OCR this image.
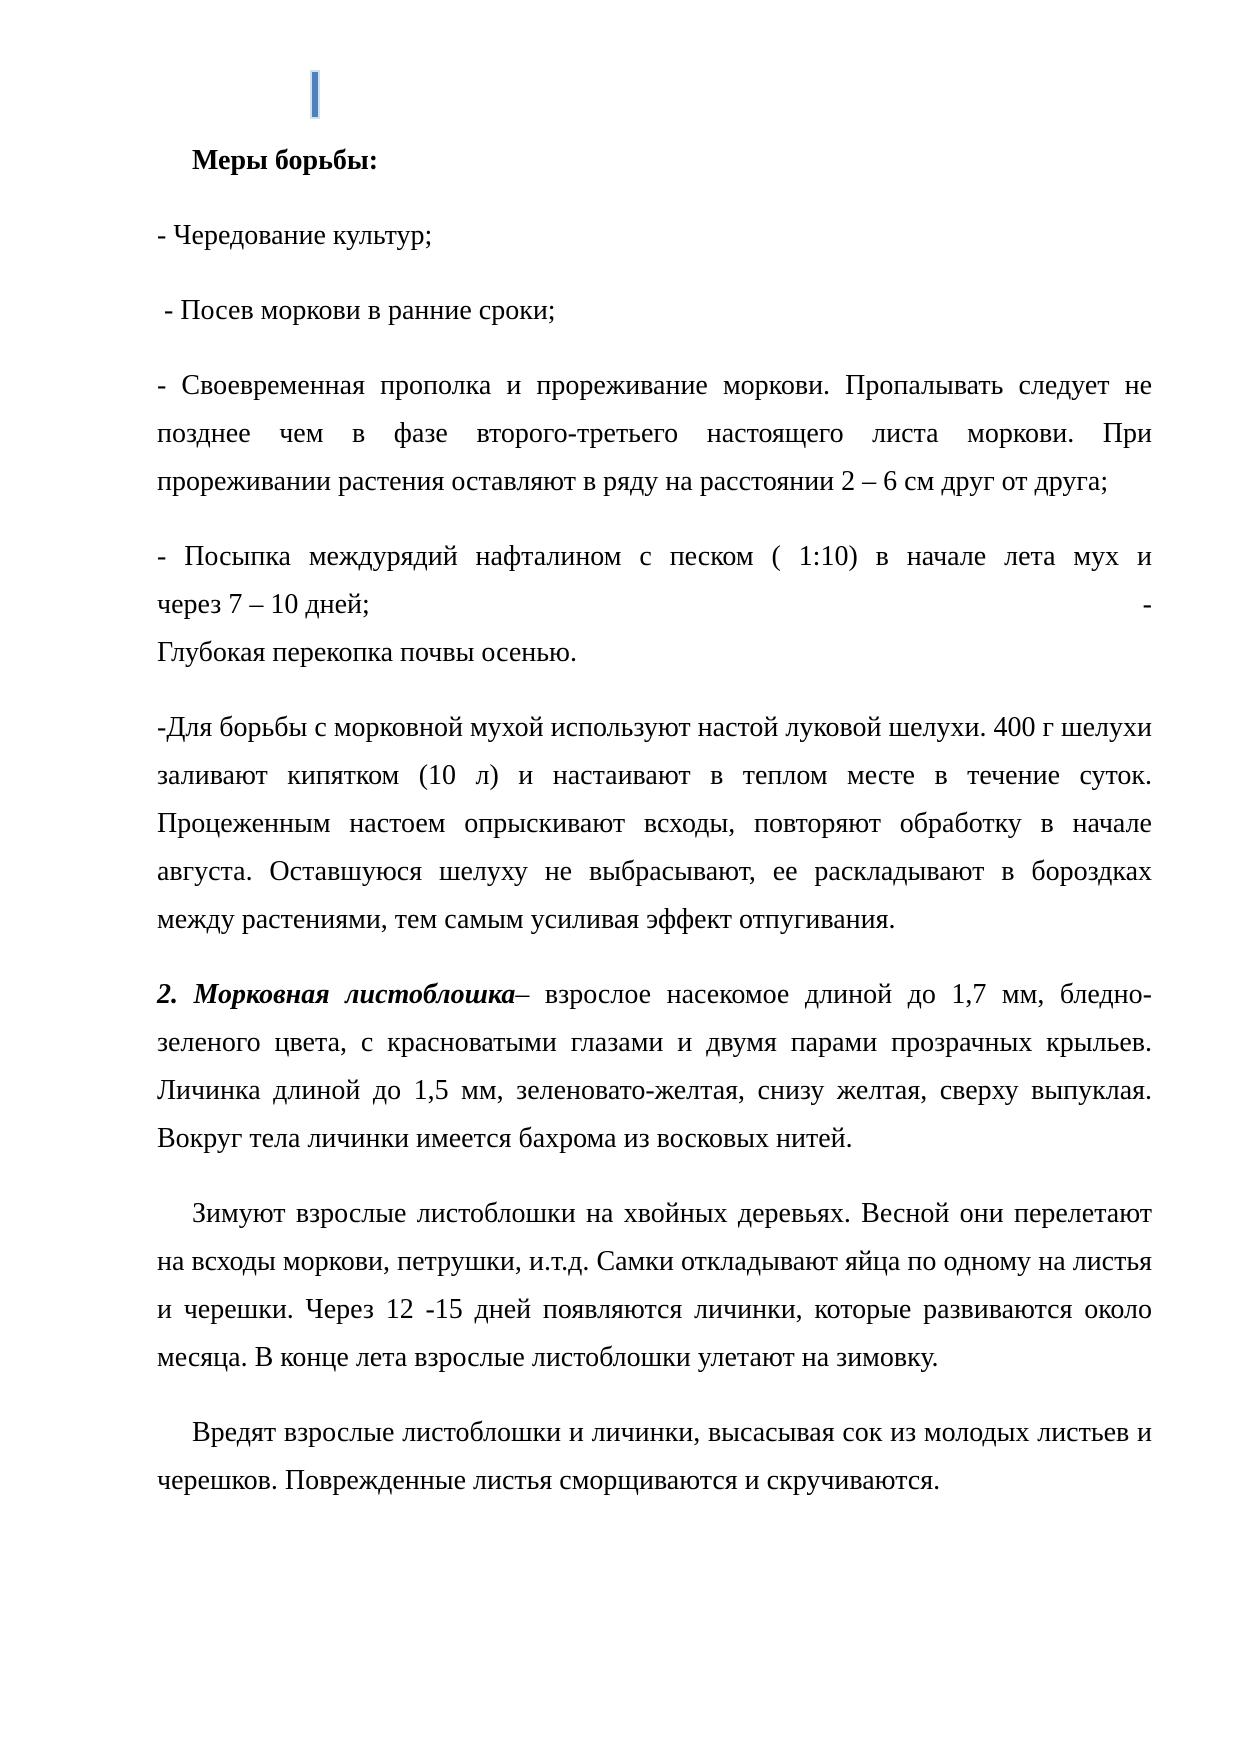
Меры борьбы:

- Чередование культур;

- Посев моркови в ранние сроки;

- Своевременная прополка и прореживание моркови. Пропалывать следует не позднее чем в фазе второго-третьего настоящего листа моркови. При прореживании растения оставляют в ряду на расстоянии 2 – 6 см друг от друга;

- Посыпка междурядий нафталином с песком ( 1:10) в начале лета мух и
через 7 – 10 дней;	-
Глубокая перекопка почвы осенью.

-Для борьбы с морковной мухой используют настой луковой шелухи. 400 г шелухи заливают кипятком (10 л) и настаивают в теплом месте в течение суток. Процеженным настоем опрыскивают всходы, повторяют обработку в начале августа. Оставшуюся шелуху не выбрасывают, ее раскладывают в бороздках между растениями, тем самым усиливая эффект отпугивания.

2. Морковная листоблошка– взрослое насекомое длиной до 1,7 мм, бледно-зеленого цвета, с красноватыми глазами и двумя парами прозрачных крыльев. Личинка длиной до 1,5 мм, зеленовато-желтая, снизу желтая, сверху выпуклая. Вокруг тела личинки имеется бахрома из восковых нитей.

Зимуют взрослые листоблошки на хвойных деревьях. Весной они перелетают на всходы моркови, петрушки, и.т.д. Самки откладывают яйца по одному на листья и черешки. Через 12 -15 дней появляются личинки, которые развиваются около месяца. В конце лета взрослые листоблошки улетают на зимовку.

Вредят взрослые листоблошки и личинки, высасывая сок из молодых листьев и черешков. Поврежденные листья сморщиваются и скручиваются.
